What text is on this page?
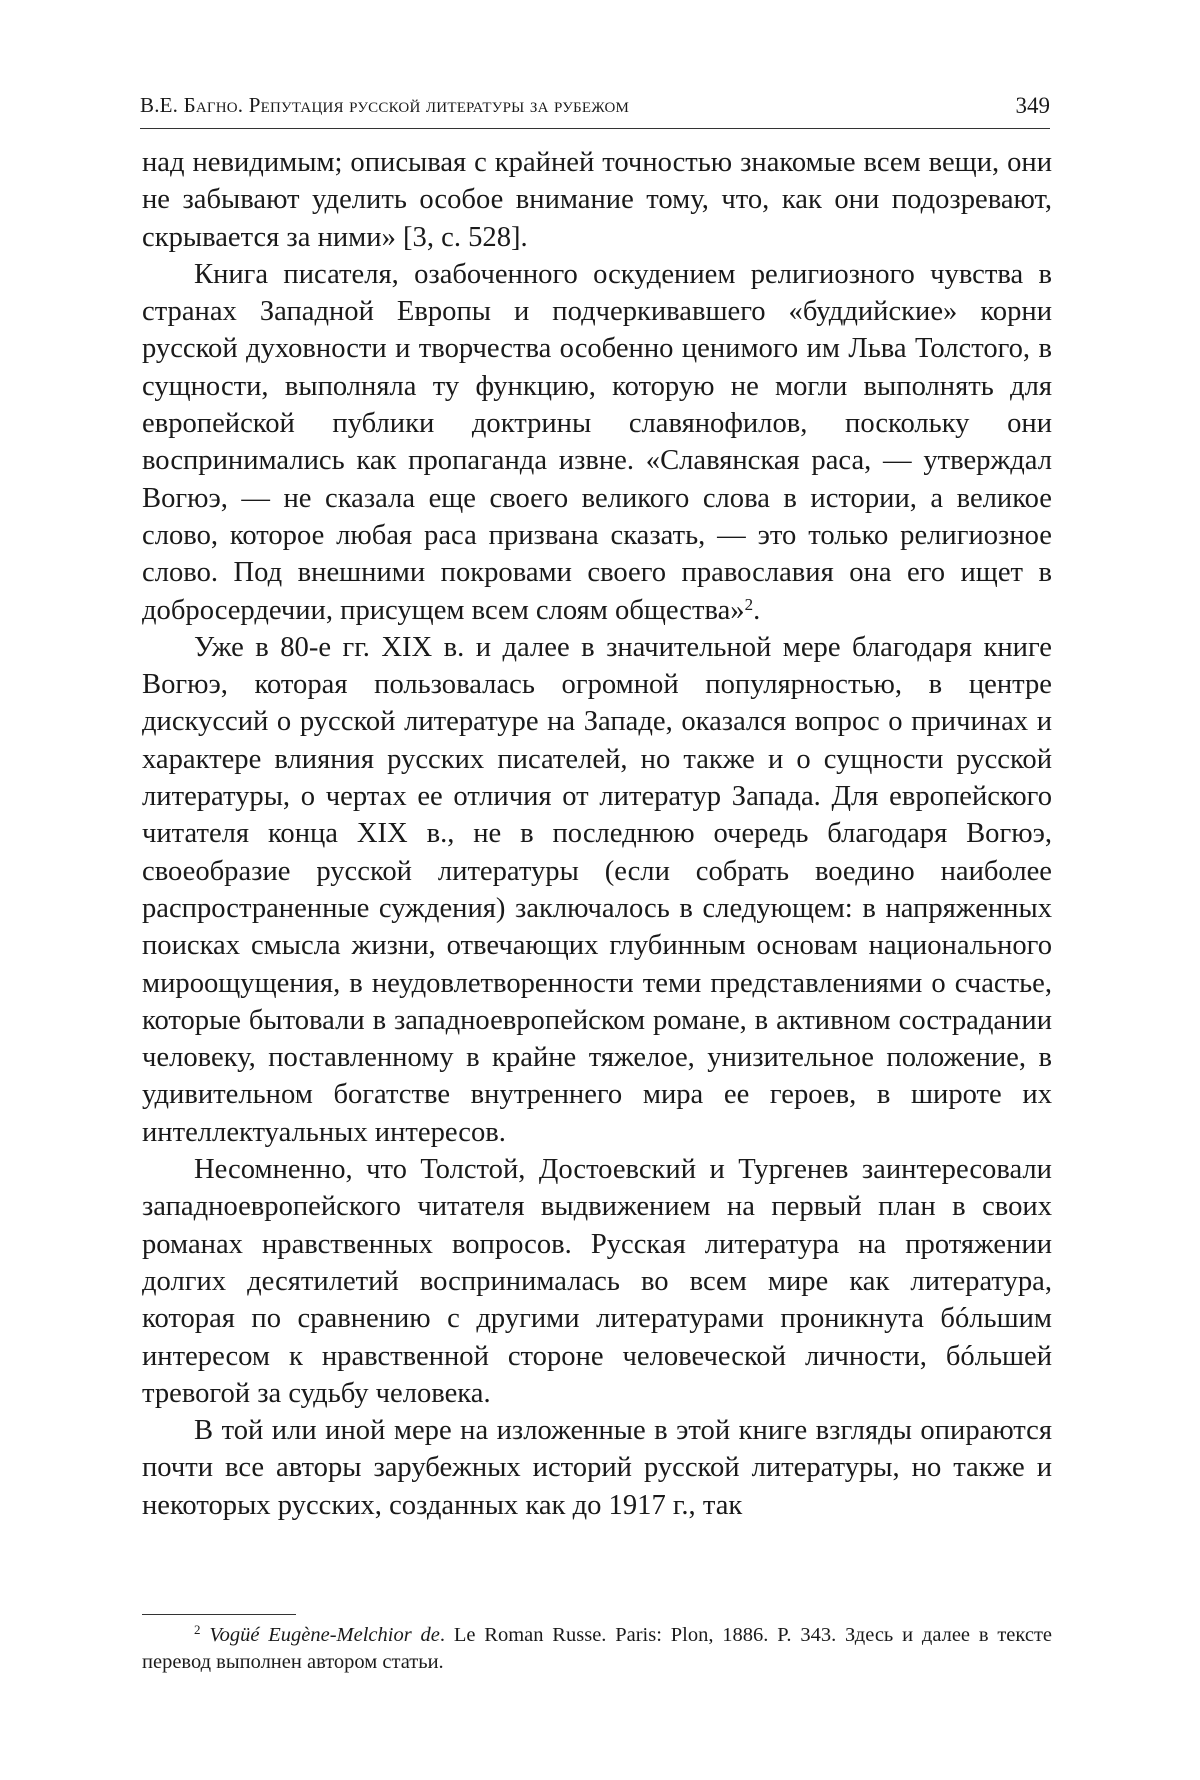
В.Е. Багно. Репутация русской литературы за рубежом	349

над невидимым; описывая с крайней точностью знакомые всем вещи, они не забывают уделить особое внимание тому, что, как они подозревают, скрывается за ними» [3, с. 528].

Книга писателя, озабоченного оскудением религиозного чувства в странах Западной Европы и подчеркивавшего «буддийские» корни русской духовности и творчества особенно ценимого им Льва Толстого, в сущности, выполняла ту функцию, которую не могли выполнять для европейской публики доктрины славянофилов, поскольку они воспринимались как пропаганда извне. «Славянская раса, — утверждал Вогюэ, — не сказала еще своего великого слова в истории, а великое слово, которое любая раса призвана сказать, — это только религиозное слово. Под внешними покровами своего православия она его ищет в добросердечии, присущем всем слоям общества»$^2$.

Уже в 80-е гг. XIX в. и далее в значительной мере благодаря книге Вогюэ, которая пользовалась огромной популярностью, в центре дискуссий о русской литературе на Западе, оказался вопрос о причинах и характере влияния русских писателей, но также и о сущности русской литературы, о чертах ее отличия от литератур Запада. Для европейского читателя конца XIX в., не в последнюю очередь благодаря Вогюэ, своеобразие русской литературы (если собрать воедино наиболее распространенные суждения) заключалось в следующем: в напряженных поисках смысла жизни, отвечающих глубинным основам национального мироощущения, в неудовлетворенности теми представлениями о счастье, которые бытовали в западноевропейском романе, в активном сострадании человеку, поставленному в крайне тяжелое, унизительное положение, в удивительном богатстве внутреннего мира ее героев, в широте их интеллектуальных интересов.

Несомненно, что Толстой, Достоевский и Тургенев заинтересовали западноевропейского читателя выдвижением на первый план в своих романах нравственных вопросов. Русская литература на протяжении долгих десятилетий воспринималась во всем мире как литература, которая по сравнению с другими литературами проникнута бóльшим интересом к нравственной стороне человеческой личности, бóльшей тревогой за судьбу человека.

В той или иной мере на изложенные в этой книге взгляды опираются почти все авторы зарубежных историй русской литературы, но также и некоторых русских, созданных как до 1917 г., так

$^2$ Vogüé Eugène-Melchior de. Le Roman Russe. Paris: Plon, 1886. P. 343. Здесь и далее в тексте перевод выполнен автором статьи.
